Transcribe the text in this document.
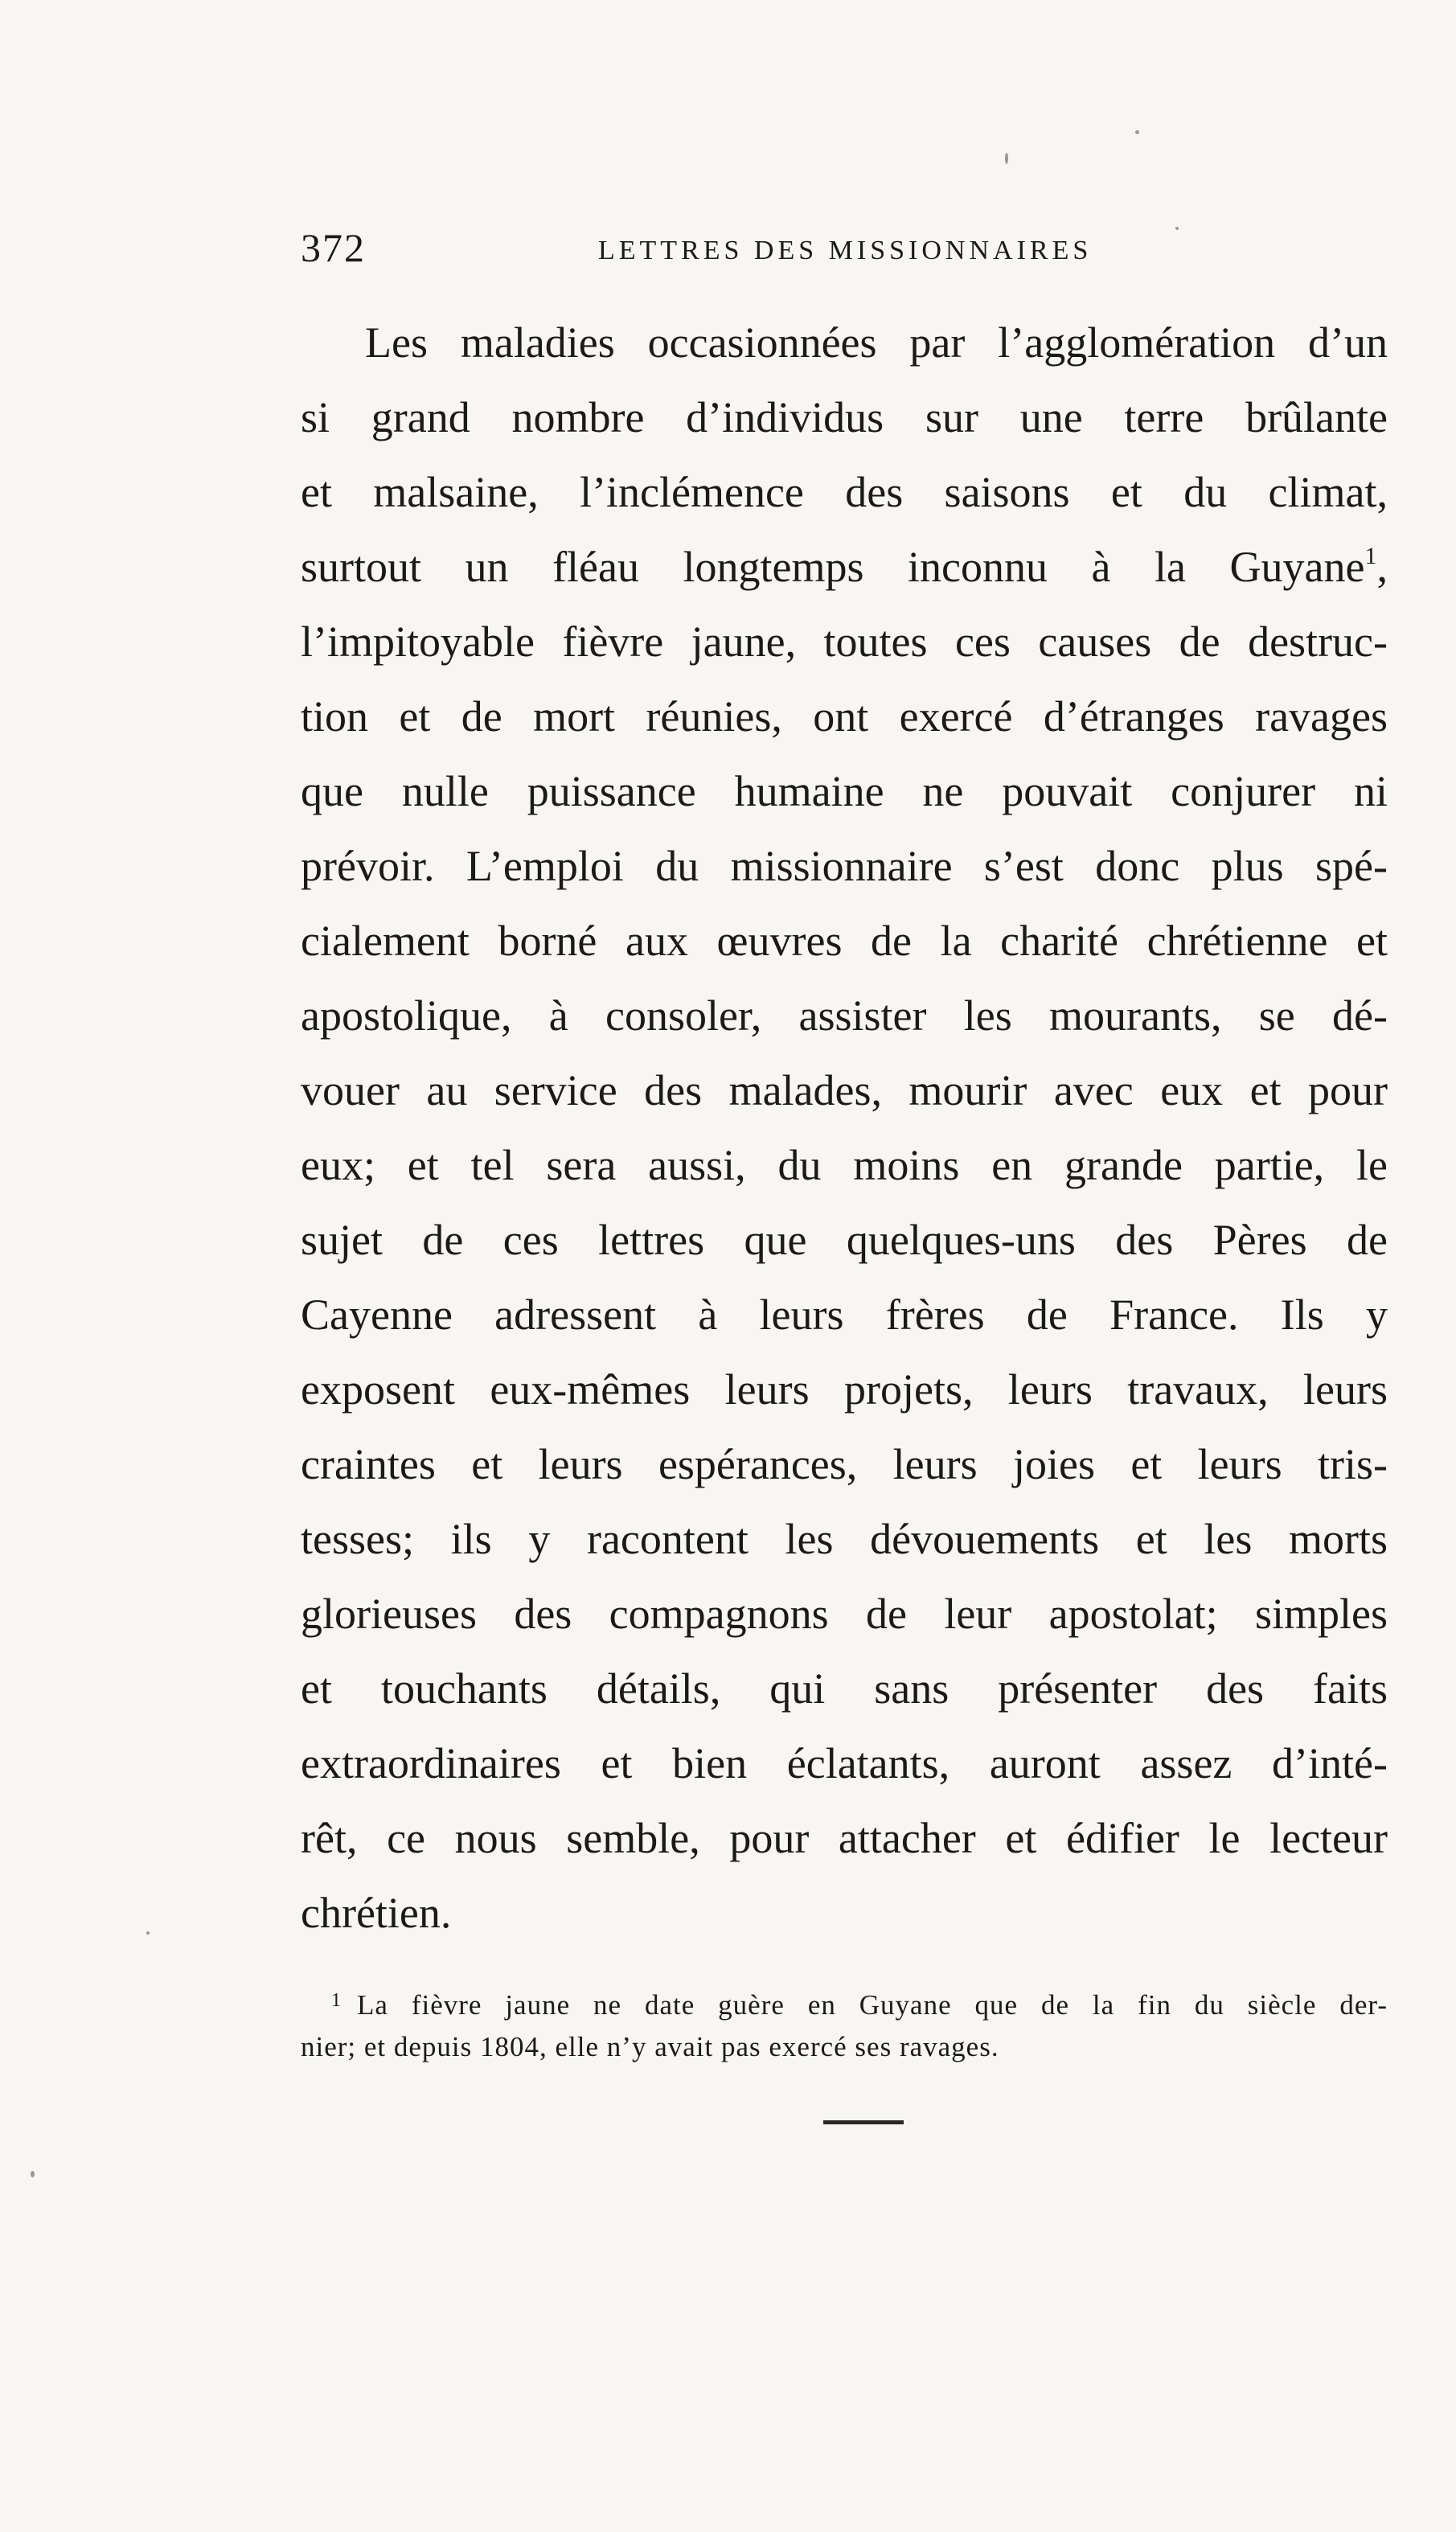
372	LETTRES DES MISSIONNAIRES
Les maladies occasionnées par l’agglomération d’un
si grand nombre d’individus sur une terre brûlante
et malsaine, l’inclémence des saisons et du climat,
surtout un fléau longtemps inconnu à la Guyane$^1$,
l’impitoyable fièvre jaune, toutes ces causes de destruc-
tion et de mort réunies, ont exercé d’étranges ravages
que nulle puissance humaine ne pouvait conjurer ni
prévoir. L’emploi du missionnaire s’est donc plus spé-
cialement borné aux œuvres de la charité chrétienne et
apostolique, à consoler, assister les mourants, se dé-
vouer au service des malades, mourir avec eux et pour
eux; et tel sera aussi, du moins en grande partie, le
sujet de ces lettres que quelques-uns des Pères de
Cayenne adressent à leurs frères de France. Ils y
exposent eux-mêmes leurs projets, leurs travaux, leurs
craintes et leurs espérances, leurs joies et leurs tris-
tesses; ils y racontent les dévouements et les morts
glorieuses des compagnons de leur apostolat; simples
et touchants détails, qui sans présenter des faits
extraordinaires et bien éclatants, auront assez d’inté-
rêt, ce nous semble, pour attacher et édifier le lecteur
chrétien.
$^1$ La fièvre jaune ne date guère en Guyane que de la fin du siècle der-
nier; et depuis 1804, elle n’y avait pas exercé ses ravages.
